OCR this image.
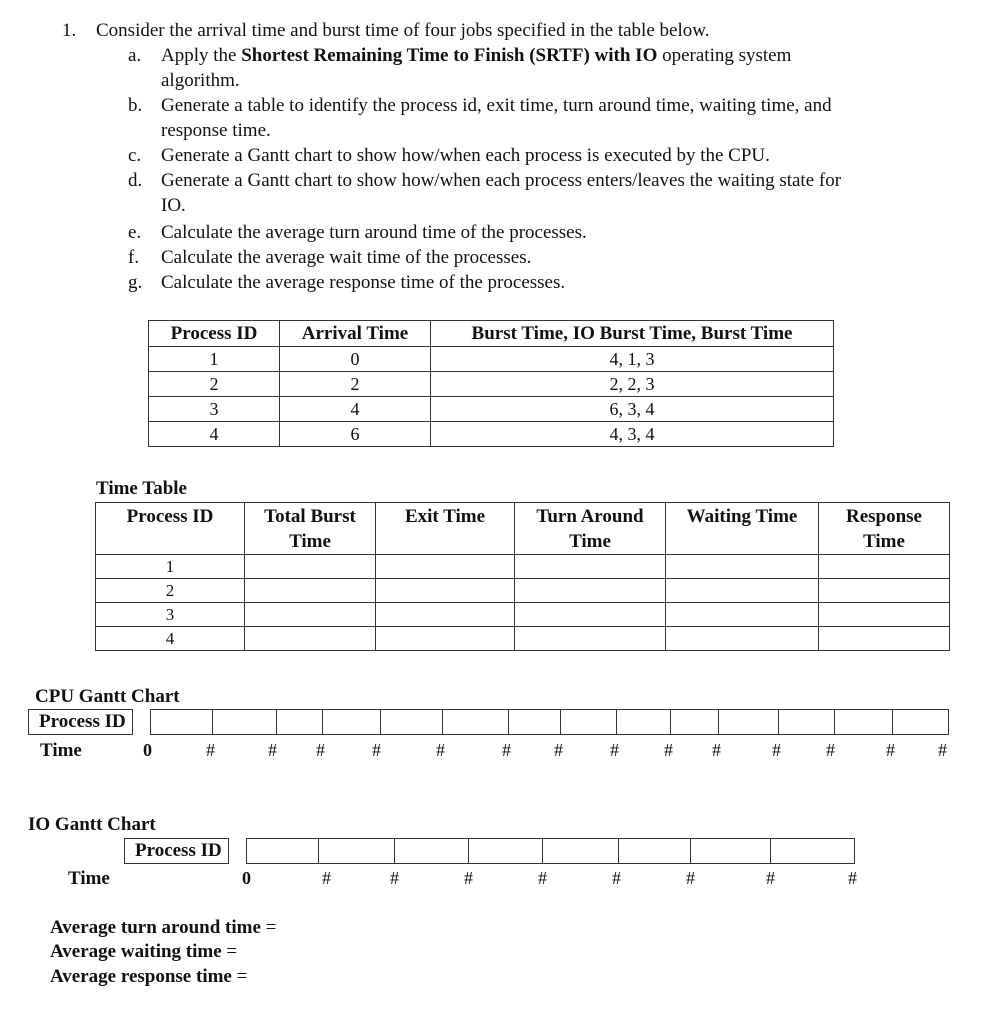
1. Consider the arrival time and burst time of four jobs specified in the table below.
a. Apply the Shortest Remaining Time to Finish (SRTF) with IO operating system
algorithm.
b. Generate a table to identify the process id, exit time, turn around time, waiting time, and
response time.
c. Generate a Gantt chart to show how/when each process is executed by the CPU.
d. Generate a Gantt chart to show how/when each process enters/leaves the waiting state for
IO.
e. Calculate the average turn around time of the processes.
f. Calculate the average wait time of the processes.
g. Calculate the average response time of the processes.
Process ID	Arrival Time	Burst Time, IO Burst Time, Burst Time
1	0	4, 1, 3
2	2	2, 2, 3
3	4	6, 3, 4
4	6	4, 3, 4
Time Table
Process ID	Total Burst Time	Exit Time	Turn Around Time	Waiting Time	Response Time

1					
2					
3					
4					
CPU Gantt Chart
Process ID
Time	0	#	# #	#	#	# #	#	# #	#	#	# #
IO Gantt Chart
Process ID
Time	0	#	#	#	#	#	#	#	#
Average turn around time =
Average waiting time =
Average response time =
